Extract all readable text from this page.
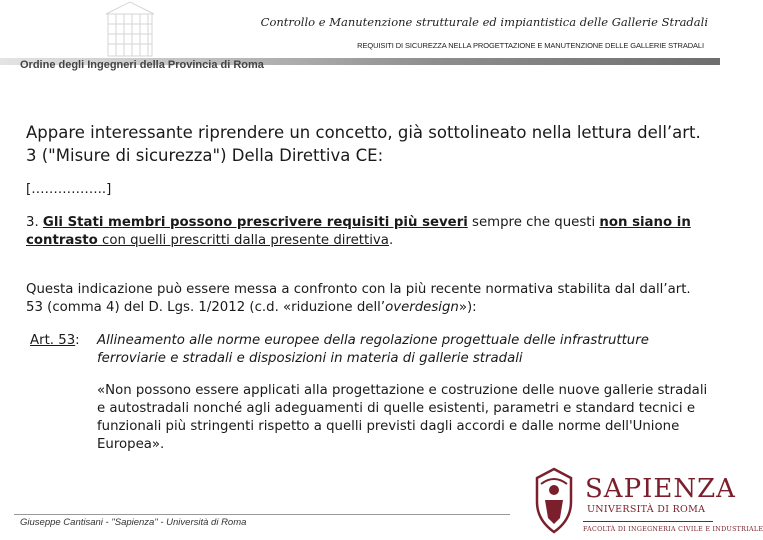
Controllo e Manutenzione strutturale ed impiantistica delle Gallerie Stradali
REQUISITI DI SICUREZZA NELLA PROGETTAZIONE E MANUTENZIONE DELLE GALLERIE STRADALI
Ordine degli Ingegneri della Provincia di Roma
Appare interessante riprendere un concetto, già sottolineato nella lettura dell’art. 3 ("Misure di sicurezza") Della Direttiva CE:
[……………..]
3. Gli Stati membri possono prescrivere requisiti più severi sempre che questi non siano in contrasto con quelli prescritti dalla presente direttiva.
Questa indicazione può essere messa a confronto con la più recente normativa stabilita dal dall’art. 53 (comma 4) del D. Lgs. 1/2012 (c.d. «riduzione dell’overdesign»):
Art. 53: Allineamento alle norme europee della regolazione progettuale delle infrastrutture ferroviarie e stradali e disposizioni in materia di gallerie stradali
«Non possono essere applicati alla progettazione e costruzione delle nuove gallerie stradali e autostradali nonché agli adeguamenti di quelle esistenti, parametri e standard tecnici e funzionali più stringenti rispetto a quelli previsti dagli accordi e dalle norme dell'Unione Europea».
Giuseppe Cantisani - "Sapienza" - Università di Roma
SAPIENZA
UNIVERSITÀ DI ROMA
FACOLTÀ DI INGEGNERIA CIVILE E INDUSTRIALE
